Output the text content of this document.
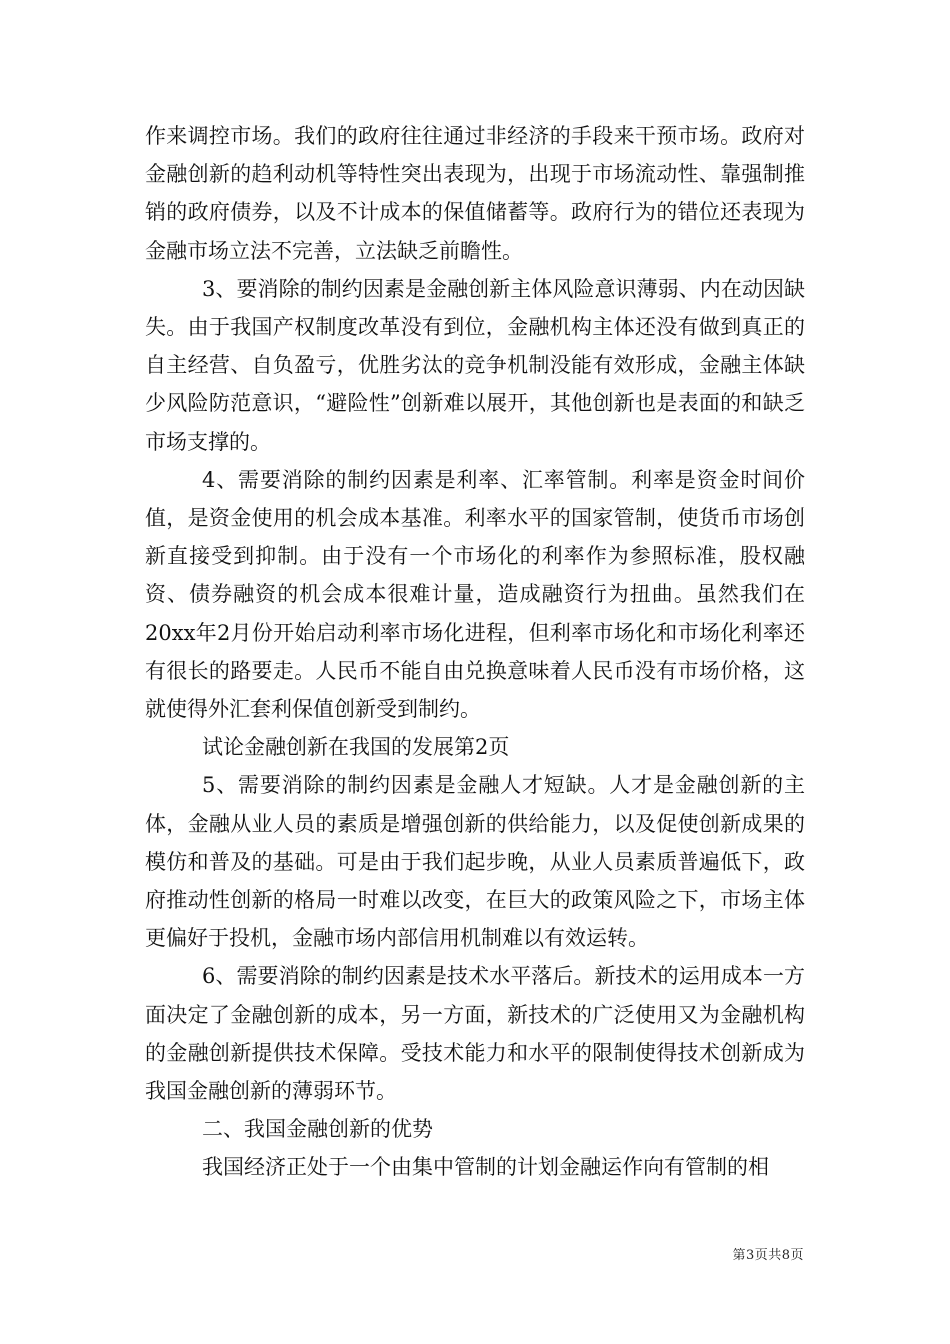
作来调控市场。我们的政府往往通过非经济的手段来干预市场。政府对金融创新的趋利动机等特性突出表现为，出现于市场流动性、靠强制推销的政府债券，以及不计成本的保值储蓄等。政府行为的错位还表现为金融市场立法不完善，立法缺乏前瞻性。

3、要消除的制约因素是金融创新主体风险意识薄弱、内在动因缺失。由于我国产权制度改革没有到位，金融机构主体还没有做到真正的自主经营、自负盈亏，优胜劣汰的竞争机制没能有效形成，金融主体缺少风险防范意识，“避险性”创新难以展开，其他创新也是表面的和缺乏市场支撑的。

4、需要消除的制约因素是利率、汇率管制。利率是资金时间价值，是资金使用的机会成本基准。利率水平的国家管制，使货币市场创新直接受到抑制。由于没有一个市场化的利率作为参照标准，股权融资、债券融资的机会成本很难计量，造成融资行为扭曲。虽然我们在20xx年2月份开始启动利率市场化进程，但利率市场化和市场化利率还有很长的路要走。人民币不能自由兑换意味着人民币没有市场价格，这就使得外汇套利保值创新受到制约。

试论金融创新在我国的发展第2页

5、需要消除的制约因素是金融人才短缺。人才是金融创新的主体，金融从业人员的素质是增强创新的供给能力，以及促使创新成果的模仿和普及的基础。可是由于我们起步晚，从业人员素质普遍低下，政府推动性创新的格局一时难以改变，在巨大的政策风险之下，市场主体更偏好于投机，金融市场内部信用机制难以有效运转。

6、需要消除的制约因素是技术水平落后。新技术的运用成本一方面决定了金融创新的成本，另一方面，新技术的广泛使用又为金融机构的金融创新提供技术保障。受技术能力和水平的限制使得技术创新成为我国金融创新的薄弱环节。

二、我国金融创新的优势

我国经济正处于一个由集中管制的计划金融运作向有管制的相

第3页共8页
